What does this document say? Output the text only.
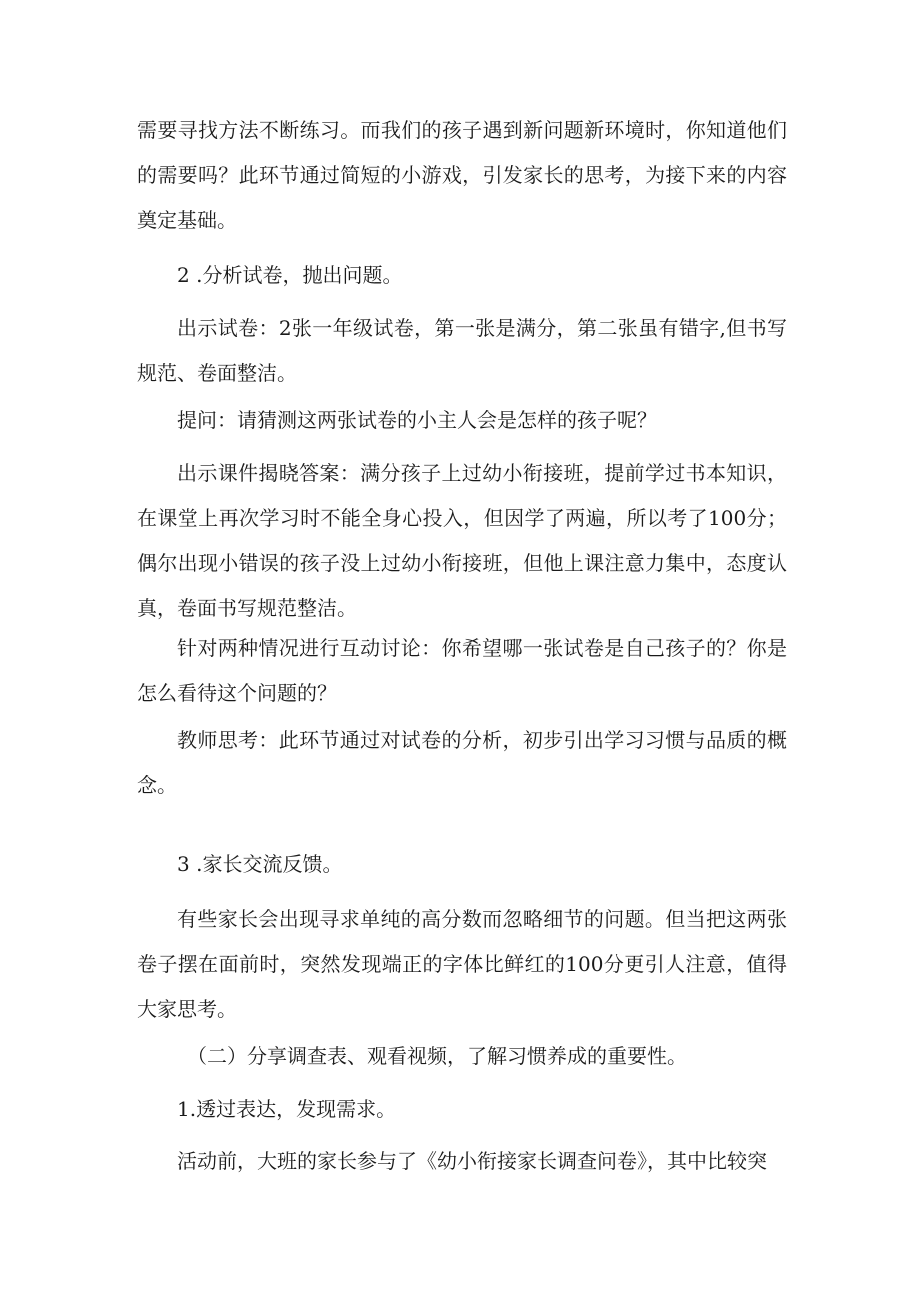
需要寻找方法不断练习。而我们的孩子遇到新问题新环境时，你知道他们的需要吗？此环节通过简短的小游戏，引发家长的思考，为接下来的内容奠定基础。

2 .分析试卷，抛出问题。

出示试卷：2张一年级试卷，第一张是满分，第二张虽有错字,但书写规范、卷面整洁。

提问：请猜测这两张试卷的小主人会是怎样的孩子呢？

出示课件揭晓答案：满分孩子上过幼小衔接班，提前学过书本知识，在课堂上再次学习时不能全身心投入，但因学了两遍，所以考了100分；偶尔出现小错误的孩子没上过幼小衔接班，但他上课注意力集中，态度认真，卷面书写规范整洁。

针对两种情况进行互动讨论：你希望哪一张试卷是自己孩子的？你是怎么看待这个问题的？

教师思考：此环节通过对试卷的分析，初步引出学习习惯与品质的概念。

3 .家长交流反馈。

有些家长会出现寻求单纯的高分数而忽略细节的问题。但当把这两张卷子摆在面前时，突然发现端正的字体比鲜红的100分更引人注意，值得大家思考。

（二）分享调查表、观看视频，了解习惯养成的重要性。

1.透过表达，发现需求。

活动前，大班的家长参与了《幼小衔接家长调查问卷》，其中比较突
